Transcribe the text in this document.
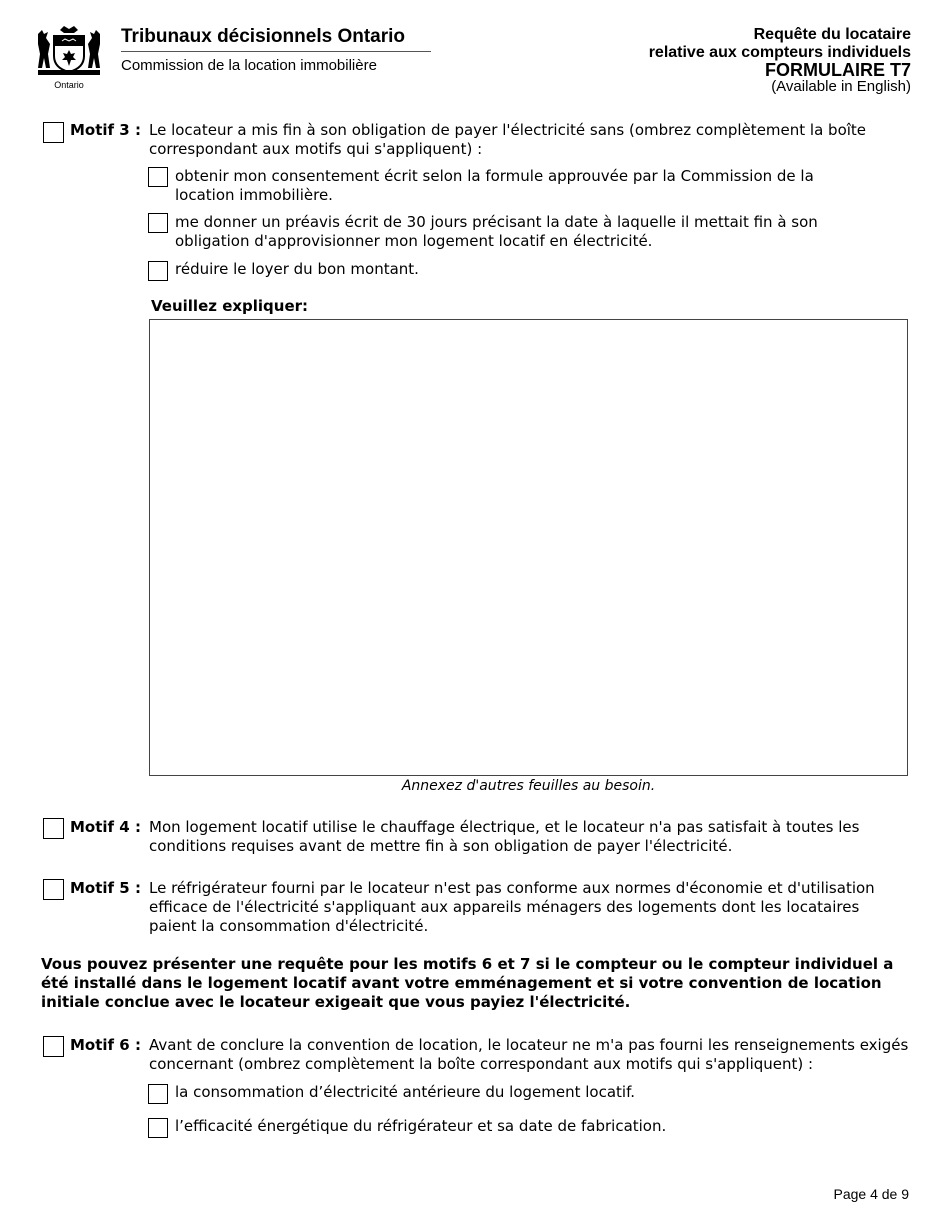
Ontario
Tribunaux décisionnels Ontario
Commission de la location immobilière
Requête du locataire
relative aux compteurs individuels
FORMULAIRE T7
(Available in English)
Motif 3 : Le locateur a mis fin à son obligation de payer l'électricité sans (ombrez complètement la boîte correspondant aux motifs qui s'appliquent) :
obtenir mon consentement écrit selon la formule approuvée par la Commission de la location immobilière.
me donner un préavis écrit de 30 jours précisant la date à laquelle il mettait fin à son obligation d'approvisionner mon logement locatif en électricité.
réduire le loyer du bon montant.
Veuillez expliquer:
Annexez d'autres feuilles au besoin.
Motif 4 : Mon logement locatif utilise le chauffage électrique, et le locateur n'a pas satisfait à toutes les conditions requises avant de mettre fin à son obligation de payer l'électricité.
Motif 5 : Le réfrigérateur fourni par le locateur n'est pas conforme aux normes d'économie et d'utilisation efficace de l'électricité s'appliquant aux appareils ménagers des logements dont les locataires paient la consommation d'électricité.
Vous pouvez présenter une requête pour les motifs 6 et 7 si le compteur ou le compteur individuel a été installé dans le logement locatif avant votre emménagement et si votre convention de location initiale conclue avec le locateur exigeait que vous payiez l'électricité.
Motif 6 : Avant de conclure la convention de location, le locateur ne m'a pas fourni les renseignements exigés concernant (ombrez complètement la boîte correspondant aux motifs qui s'appliquent) :
la consommation d’électricité antérieure du logement locatif.
l’efficacité énergétique du réfrigérateur et sa date de fabrication.
Page 4 de 9
